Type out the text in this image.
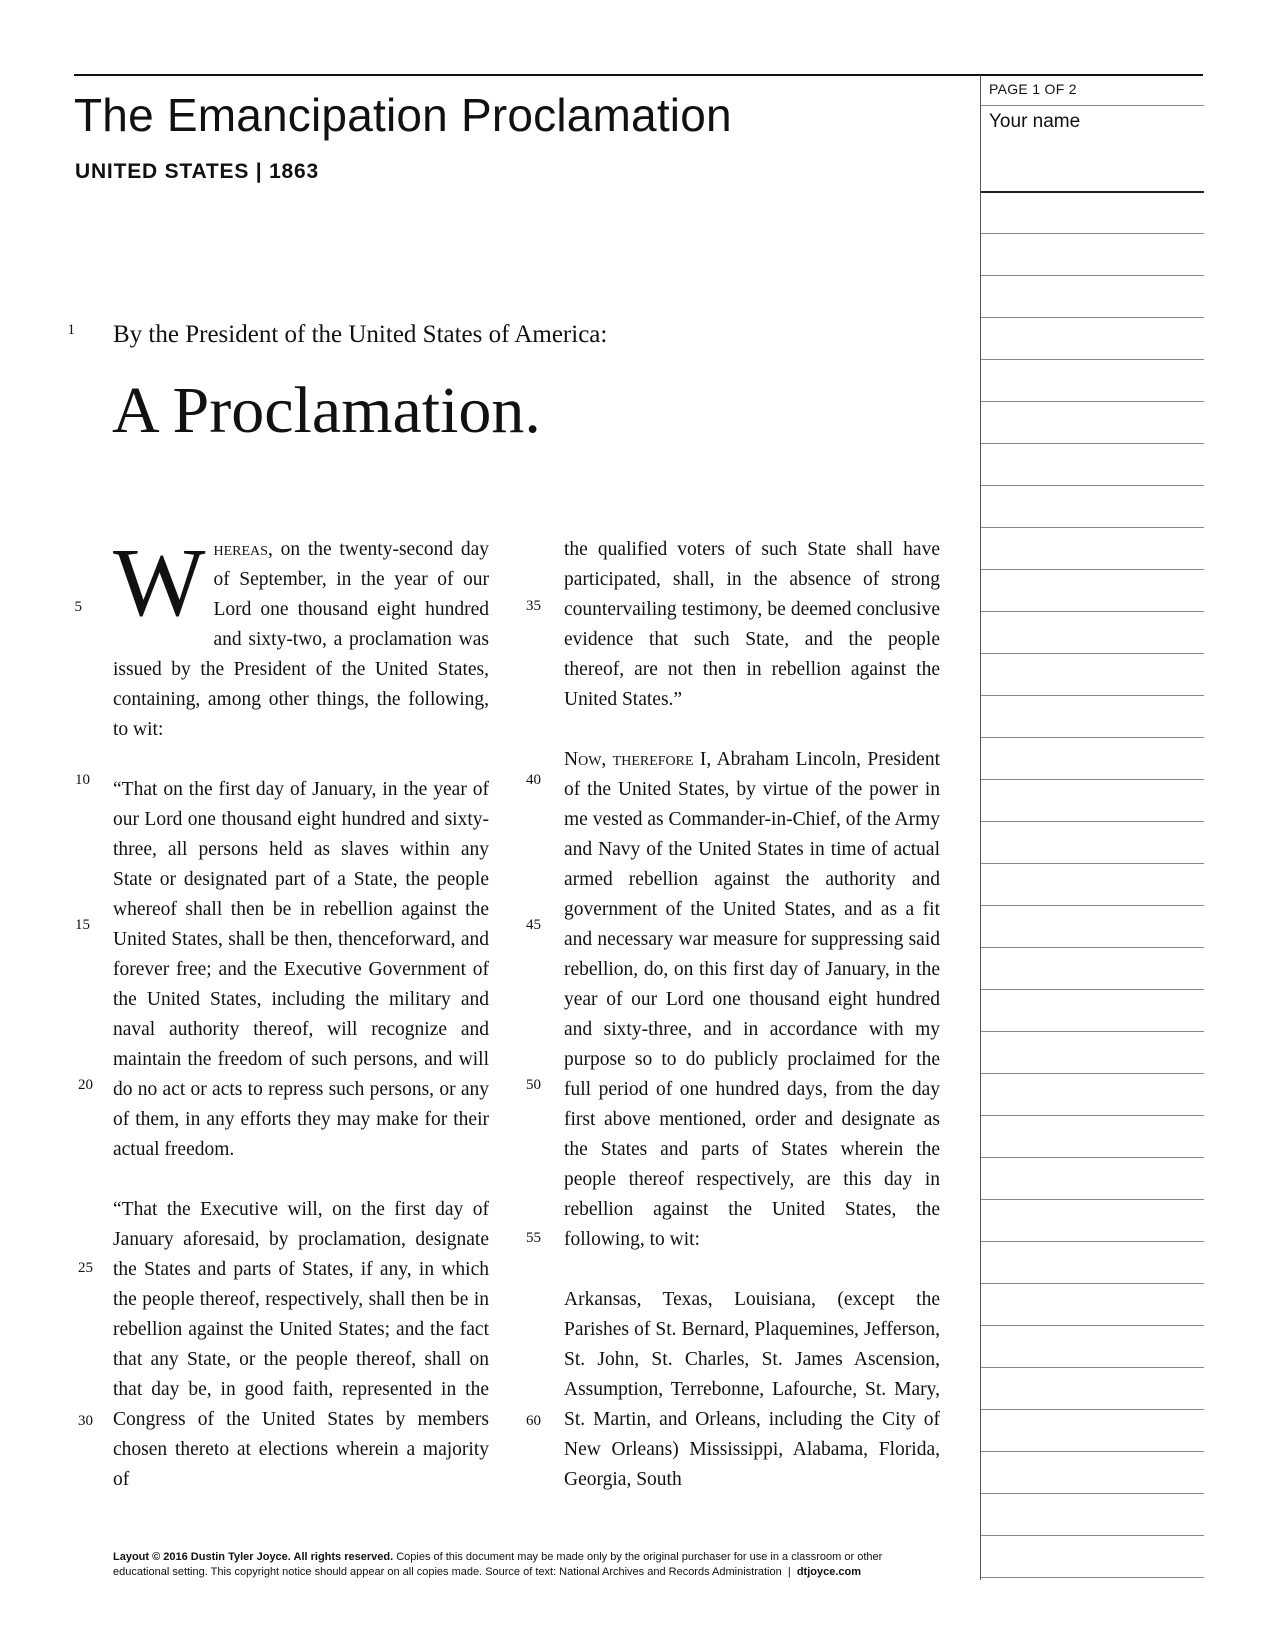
The Emancipation Proclamation
UNITED STATES | 1863
PAGE 1 OF 2
Your name
1
5
10
15
20
25
30
35
40
45
50
55
60
By the President of the United States of America:
A Proclamation.

Whereas, on the twenty-second day of September, in the year of our Lord one thousand eight hundred and sixty-two, a proclamation was issued by the President of the United States, containing, among other things, the following, to wit:

“That on the first day of January, in the year of our Lord one thousand eight hundred and sixty-three, all persons held as slaves within any State or designated part of a State, the people whereof shall then be in rebellion against the United States, shall be then, thenceforward, and forever free; and the Executive Government of the United States, including the military and naval authority thereof, will recognize and maintain the freedom of such persons, and will do no act or acts to repress such persons, or any of them, in any efforts they may make for their actual freedom.

“That the Executive will, on the first day of January aforesaid, by proclamation, designate the States and parts of States, if any, in which the people thereof, respectively, shall then be in rebellion against the United States; and the fact that any State, or the people thereof, shall on that day be, in good faith, represented in the Congress of the United States by members chosen thereto at elections wherein a majority of

the qualified voters of such State shall have participated, shall, in the absence of strong countervailing testimony, be deemed conclusive evidence that such State, and the people thereof, are not then in rebellion against the United States.”

Now, therefore I, Abraham Lincoln, President of the United States, by virtue of the power in me vested as Commander-in-Chief, of the Army and Navy of the United States in time of actual armed rebellion against the authority and government of the United States, and as a fit and necessary war measure for suppressing said rebellion, do, on this first day of January, in the year of our Lord one thousand eight hundred and sixty-three, and in accordance with my purpose so to do publicly proclaimed for the full period of one hundred days, from the day first above mentioned, order and designate as the States and parts of States wherein the people thereof respectively, are this day in rebellion against the United States, the following, to wit:

Arkansas, Texas, Louisiana, (except the Parishes of St. Bernard, Plaquemines, Jefferson, St. John, St. Charles, St. James Ascension, Assumption, Terrebonne, Lafourche, St. Mary, St. Martin, and Orleans, including the City of New Orleans) Mississippi, Alabama, Florida, Georgia, South

Layout © 2016 Dustin Tyler Joyce. All rights reserved. Copies of this document may be made only by the original purchaser for use in a classroom or other educational setting. This copyright notice should appear on all copies made. Source of text: National Archives and Records Administration  |  dtjoyce.com
